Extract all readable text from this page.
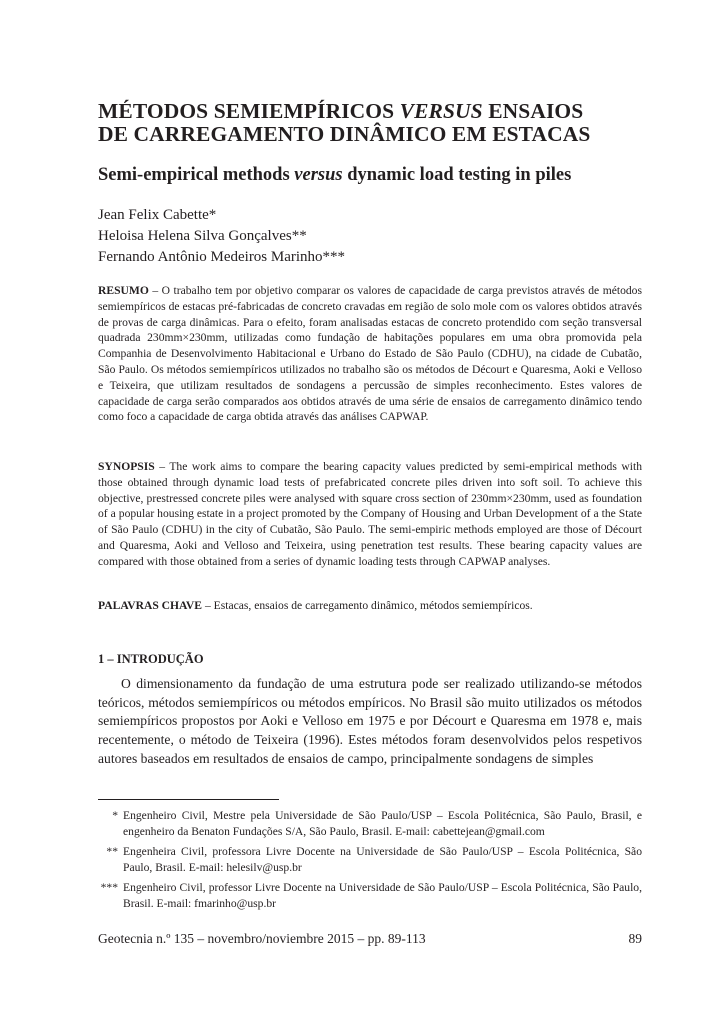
MÉTODOS SEMIEMPÍRICOS VERSUS ENSAIOS
DE CARREGAMENTO DINÂMICO EM ESTACAS
Semi-empirical methods versus dynamic load testing in piles
Jean Felix Cabette*
Heloisa Helena Silva Gonçalves**
Fernando Antônio Medeiros Marinho***

RESUMO – O trabalho tem por objetivo comparar os valores de capacidade de carga previstos através de métodos semiempíricos de estacas pré-fabricadas de concreto cravadas em região de solo mole com os valores obtidos através de provas de carga dinâmicas. Para o efeito, foram analisadas estacas de concreto protendido com seção transversal quadrada 230mm×230mm, utilizadas como fundação de habitações populares em uma obra promovida pela Companhia de Desenvolvimento Habitacional e Urbano do Estado de São Paulo (CDHU), na cidade de Cubatão, São Paulo. Os métodos semiempíricos utilizados no trabalho são os métodos de Décourt e Quaresma, Aoki e Velloso e Teixeira, que utilizam resultados de sondagens a percussão de simples reconhecimento. Estes valores de capacidade de carga serão comparados aos obtidos através de uma série de ensaios de carregamento dinâmico tendo como foco a capacidade de carga obtida através das análises CAPWAP.

SYNOPSIS – The work aims to compare the bearing capacity values predicted by semi-empirical methods with those obtained through dynamic load tests of prefabricated concrete piles driven into soft soil. To achieve this objective, prestressed concrete piles were analysed with square cross section of 230mm×230mm, used as foundation of a popular housing estate in a project promoted by the Company of Housing and Urban Development of a the State of São Paulo (CDHU) in the city of Cubatão, São Paulo. The semi-empiric methods employed are those of Décourt and Quaresma, Aoki and Velloso and Teixeira, using penetration test results. These bearing capacity values are compared with those obtained from a series of dynamic loading tests through CAPWAP analyses.

PALAVRAS CHAVE – Estacas, ensaios de carregamento dinâmico, métodos semiempíricos.

1 – INTRODUÇÃO

O dimensionamento da fundação de uma estrutura pode ser realizado utilizando-se métodos teóricos, métodos semiempíricos ou métodos empíricos. No Brasil são muito utilizados os métodos semiempíricos propostos por Aoki e Velloso em 1975 e por Décourt e Quaresma em 1978 e, mais recentemente, o método de Teixeira (1996). Estes métodos foram desenvolvidos pelos respetivos autores baseados em resultados de ensaios de campo, principalmente sondagens de simples

* Engenheiro Civil, Mestre pela Universidade de São Paulo/USP – Escola Politécnica, São Paulo, Brasil, e engenheiro da Benaton Fundações S/A, São Paulo, Brasil. E-mail: cabettejean@gmail.com
** Engenheira Civil, professora Livre Docente na Universidade de São Paulo/USP – Escola Politécnica, São Paulo, Brasil. E-mail: helesilv@usp.br
*** Engenheiro Civil, professor Livre Docente na Universidade de São Paulo/USP – Escola Politécnica, São Paulo, Brasil. E-mail: fmarinho@usp.br
Geotecnia n.º 135 – novembro/noviembre 2015 – pp. 89-113	89
